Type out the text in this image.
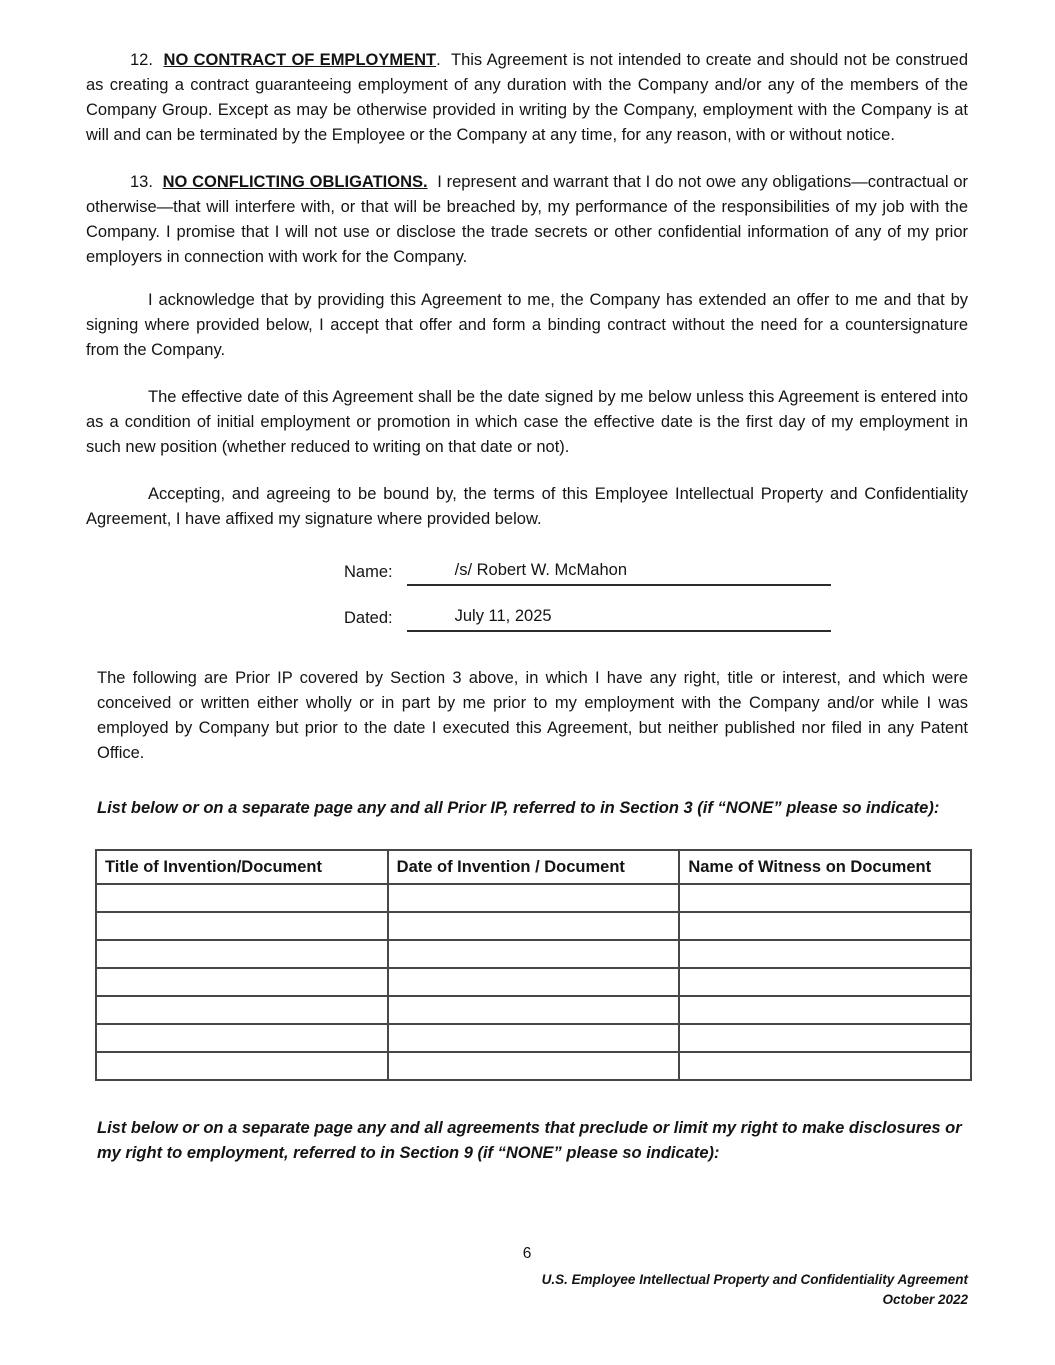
12. NO CONTRACT OF EMPLOYMENT. This Agreement is not intended to create and should not be construed as creating a contract guaranteeing employment of any duration with the Company and/or any of the members of the Company Group. Except as may be otherwise provided in writing by the Company, employment with the Company is at will and can be terminated by the Employee or the Company at any time, for any reason, with or without notice.

13. NO CONFLICTING OBLIGATIONS. I represent and warrant that I do not owe any obligations—contractual or otherwise—that will interfere with, or that will be breached by, my performance of the responsibilities of my job with the Company. I promise that I will not use or disclose the trade secrets or other confidential information of any of my prior employers in connection with work for the Company.

I acknowledge that by providing this Agreement to me, the Company has extended an offer to me and that by signing where provided below, I accept that offer and form a binding contract without the need for a countersignature from the Company.

The effective date of this Agreement shall be the date signed by me below unless this Agreement is entered into as a condition of initial employment or promotion in which case the effective date is the first day of my employment in such new position (whether reduced to writing on that date or not).

Accepting, and agreeing to be bound by, the terms of this Employee Intellectual Property and Confidentiality Agreement, I have affixed my signature where provided below.

Name:	/s/ Robert W. McMahon
Dated:	July 11, 2025

The following are Prior IP covered by Section 3 above, in which I have any right, title or interest, and which were conceived or written either wholly or in part by me prior to my employment with the Company and/or while I was employed by Company but prior to the date I executed this Agreement, but neither published nor filed in any Patent Office.

List below or on a separate page any and all Prior IP, referred to in Section 3 (if “NONE” please so indicate):

Title of Invention/Document	Date of Invention / Document	Name of Witness on Document

List below or on a separate page any and all agreements that preclude or limit my right to make disclosures or my right to employment, referred to in Section 9 (if “NONE” please so indicate):

6
U.S. Employee Intellectual Property and Confidentiality Agreement
October 2022
